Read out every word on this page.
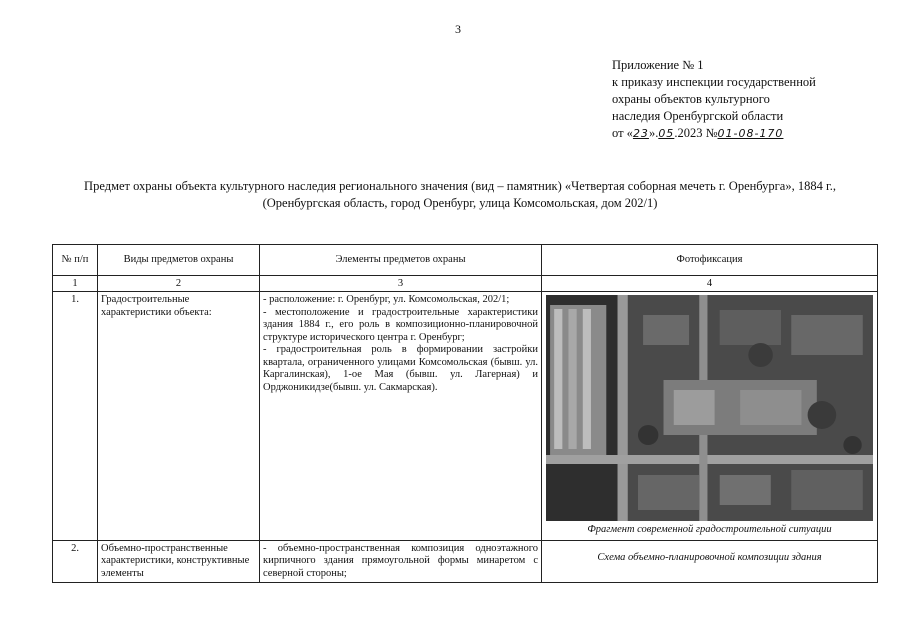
3
Приложение № 1
к приказу инспекции государственной
охраны объектов культурного
наследия Оренбургской области
от «23».05.2023 №01-08-170
Предмет охраны объекта культурного наследия регионального значения (вид – памятник) «Четвертая соборная мечеть г. Оренбурга», 1884 г., (Оренбургская область, город Оренбург, улица Комсомольская, дом 202/1)
№ п/п	Виды предметов охраны	Элементы предметов охраны	Фотофиксация
1	2	3	4
1.	Градостроительные характеристики объекта:	- расположение: г. Оренбург, ул. Комсомольская, 202/1;
- местоположение и градостроительные характеристики здания 1884 г., его роль в композиционно-планировочной структуре исторического центра г. Оренбург;
- градостроительная роль в формировании застройки квартала, ограниченного улицами Комсомольская (бывш. ул. Каргалинская), 1-ое Мая (бывш. ул. Лагерная) и Орджоникидзе(бывш. ул. Сакмарская).	Фрагмент современной градостроительной ситуации

2.	Объемно-пространственные характеристики, конструктивные элементы	- объемно-пространственная композиция одноэтажного кирпичного здания прямоугольной формы минаретом с северной стороны;	Схема объемно-планировочной композиции здания
